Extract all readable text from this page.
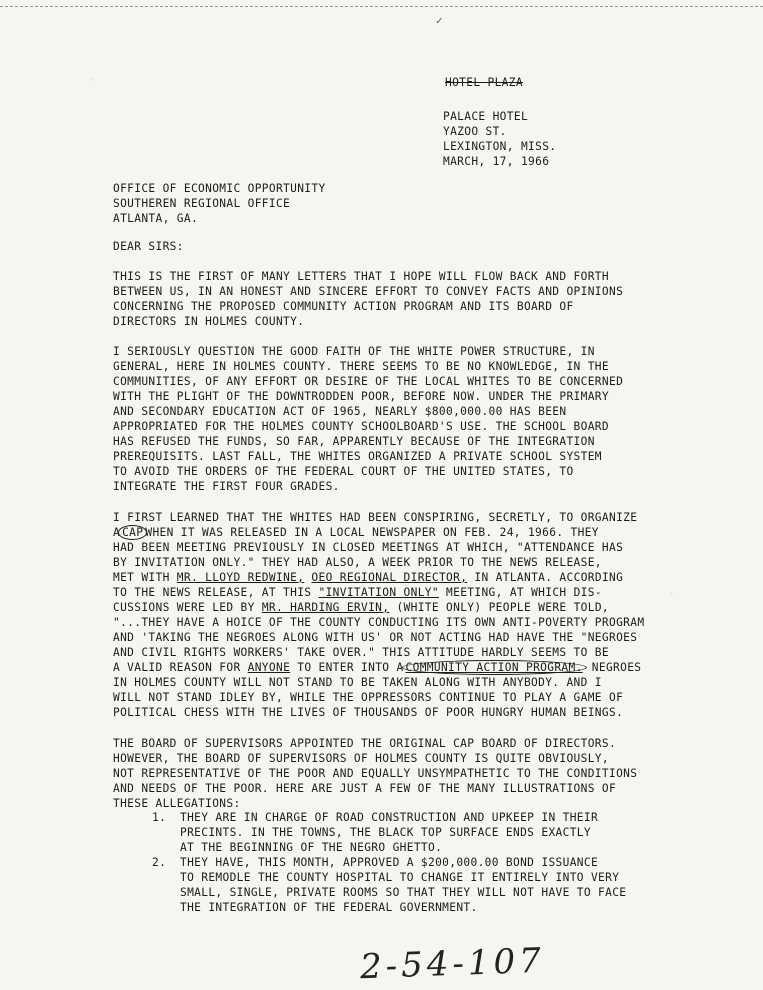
✓
HOTEL PLAZA
PALACE HOTEL
YAZOO ST.
LEXINGTON, MISS.
MARCH, 17, 1966
OFFICE OF ECONOMIC OPPORTUNITY
SOUTHEREN REGIONAL OFFICE
ATLANTA, GA.
DEAR SIRS:
THIS IS THE FIRST OF MANY LETTERS THAT I HOPE WILL FLOW BACK AND FORTH
BETWEEN US, IN AN HONEST AND SINCERE EFFORT TO CONVEY FACTS AND OPINIONS
CONCERNING THE PROPOSED COMMUNITY ACTION PROGRAM AND ITS BOARD OF
DIRECTORS IN HOLMES COUNTY.
I SERIOUSLY QUESTION THE GOOD FAITH OF THE WHITE POWER STRUCTURE, IN
GENERAL, HERE IN HOLMES COUNTY. THERE SEEMS TO BE NO KNOWLEDGE, IN THE
COMMUNITIES, OF ANY EFFORT OR DESIRE OF THE LOCAL WHITES TO BE CONCERNED
WITH THE PLIGHT OF THE DOWNTRODDEN POOR, BEFORE NOW. UNDER THE PRIMARY
AND SECONDARY EDUCATION ACT OF 1965, NEARLY $800,000.00 HAS BEEN
APPROPRIATED FOR THE HOLMES COUNTY SCHOOLBOARD'S USE. THE SCHOOL BOARD
HAS REFUSED THE FUNDS, SO FAR, APPARENTLY BECAUSE OF THE INTEGRATION
PREREQUISITS. LAST FALL, THE WHITES ORGANIZED A PRIVATE SCHOOL SYSTEM
TO AVOID THE ORDERS OF THE FEDERAL COURT OF THE UNITED STATES, TO
INTEGRATE THE FIRST FOUR GRADES.
I FIRST LEARNED THAT THE WHITES HAD BEEN CONSPIRING, SECRETLY, TO ORGANIZE
A CAP WHEN IT WAS RELEASED IN A LOCAL NEWSPAPER ON FEB. 24, 1966. THEY
HAD BEEN MEETING PREVIOUSLY IN CLOSED MEETINGS AT WHICH, "ATTENDANCE HAS
BY INVITATION ONLY." THEY HAD ALSO, A WEEK PRIOR TO THE NEWS RELEASE,
MET WITH MR. LLOYD REDWINE, OEO REGIONAL DIRECTOR, IN ATLANTA. ACCORDING
TO THE NEWS RELEASE, AT THIS "INVITATION ONLY" MEETING, AT WHICH DIS-
CUSSIONS WERE LED BY MR. HARDING ERVIN, (WHITE ONLY) PEOPLE WERE TOLD,
"...THEY HAVE A HOICE OF THE COUNTY CONDUCTING ITS OWN ANTI-POVERTY PROGRAM
AND 'TAKING THE NEGROES ALONG WITH US' OR NOT ACTING HAD HAVE THE "NEGROES
AND CIVIL RIGHTS WORKERS' TAKE OVER." THIS ATTITUDE HARDLY SEEMS TO BE
A VALID REASON FOR ANYONE TO ENTER INTO A COMMUNITY ACTION PROGRAM. NEGROES
IN HOLMES COUNTY WILL NOT STAND TO BE TAKEN ALONG WITH ANYBODY. AND I
WILL NOT STAND IDLEY BY, WHILE THE OPPRESSORS CONTINUE TO PLAY A GAME OF
POLITICAL CHESS WITH THE LIVES OF THOUSANDS OF POOR HUNGRY HUMAN BEINGS.
THE BOARD OF SUPERVISORS APPOINTED THE ORIGINAL CAP BOARD OF DIRECTORS.
HOWEVER, THE BOARD OF SUPERVISORS OF HOLMES COUNTY IS QUITE OBVIOUSLY,
NOT REPRESENTATIVE OF THE POOR AND EQUALLY UNSYMPATHETIC TO THE CONDITIONS
AND NEEDS OF THE POOR. HERE ARE JUST A FEW OF THE MANY ILLUSTRATIONS OF
THESE ALLEGATIONS:
1. THEY ARE IN CHARGE OF ROAD CONSTRUCTION AND UPKEEP IN THEIR
PRECINTS. IN THE TOWNS, THE BLACK TOP SURFACE ENDS EXACTLY
AT THE BEGINNING OF THE NEGRO GHETTO.
2. THEY HAVE, THIS MONTH, APPROVED A $200,000.00 BOND ISSUANCE
TO REMODLE THE COUNTY HOSPITAL TO CHANGE IT ENTIRELY INTO VERY
SMALL, SINGLE, PRIVATE ROOMS SO THAT THEY WILL NOT HAVE TO FACE
THE INTEGRATION OF THE FEDERAL GOVERNMENT.
2-54-107
